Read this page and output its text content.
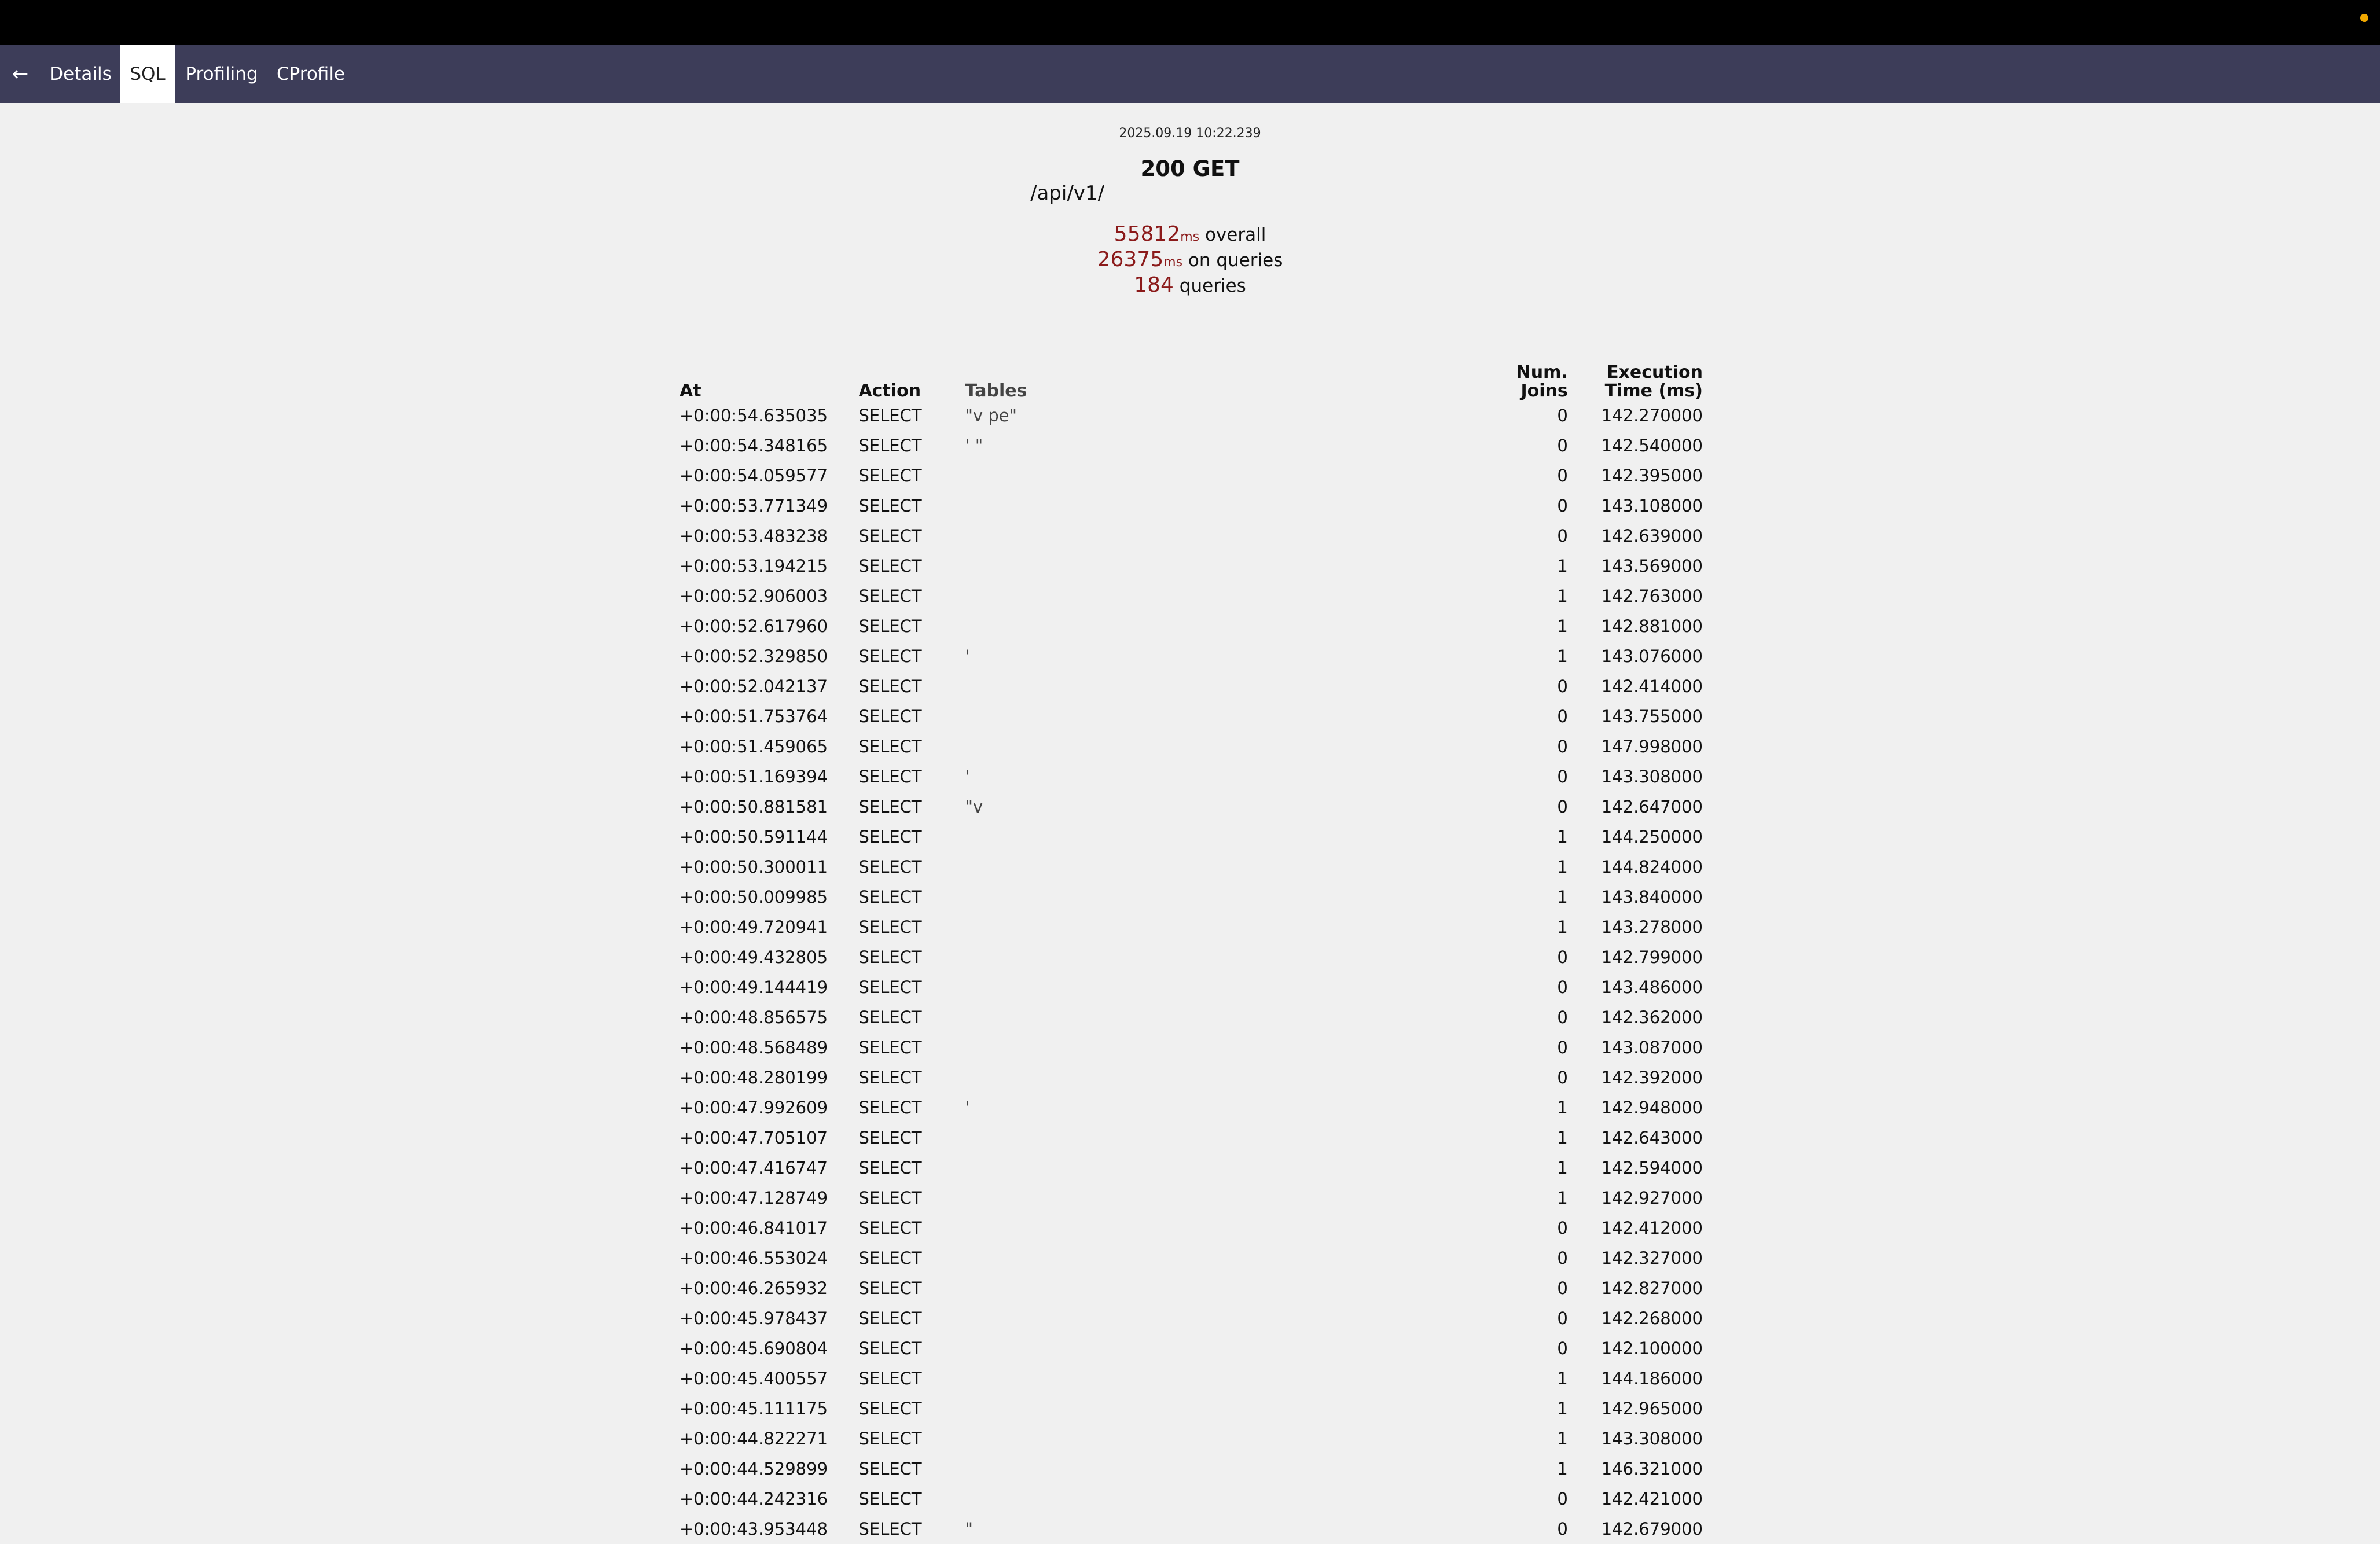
←	Details	SQL	Profiling	CProfile
2025.09.19 10:22.239
200 GET
/api/v1/
55812ms overall
26375ms on queries
184 queries
At	Action	Tables	Num.
Joins	Execution
Time (ms)
+0:00:54.635035	SELECT	"v pe"	0	142.270000
+0:00:54.348165	SELECT	' "	0	142.540000
+0:00:54.059577	SELECT		0	142.395000
+0:00:53.771349	SELECT		0	143.108000
+0:00:53.483238	SELECT		0	142.639000
+0:00:53.194215	SELECT		1	143.569000
+0:00:52.906003	SELECT		1	142.763000
+0:00:52.617960	SELECT		1	142.881000
+0:00:52.329850	SELECT	'	1	143.076000
+0:00:52.042137	SELECT		0	142.414000
+0:00:51.753764	SELECT		0	143.755000
+0:00:51.459065	SELECT		0	147.998000
+0:00:51.169394	SELECT	'	0	143.308000
+0:00:50.881581	SELECT	"v	0	142.647000
+0:00:50.591144	SELECT		1	144.250000
+0:00:50.300011	SELECT		1	144.824000
+0:00:50.009985	SELECT		1	143.840000
+0:00:49.720941	SELECT		1	143.278000
+0:00:49.432805	SELECT		0	142.799000
+0:00:49.144419	SELECT		0	143.486000
+0:00:48.856575	SELECT		0	142.362000
+0:00:48.568489	SELECT		0	143.087000
+0:00:48.280199	SELECT		0	142.392000
+0:00:47.992609	SELECT	'	1	142.948000
+0:00:47.705107	SELECT		1	142.643000
+0:00:47.416747	SELECT		1	142.594000
+0:00:47.128749	SELECT		1	142.927000
+0:00:46.841017	SELECT		0	142.412000
+0:00:46.553024	SELECT		0	142.327000
+0:00:46.265932	SELECT		0	142.827000
+0:00:45.978437	SELECT		0	142.268000
+0:00:45.690804	SELECT		0	142.100000
+0:00:45.400557	SELECT		1	144.186000
+0:00:45.111175	SELECT		1	142.965000
+0:00:44.822271	SELECT		1	143.308000
+0:00:44.529899	SELECT		1	146.321000
+0:00:44.242316	SELECT		0	142.421000
+0:00:43.953448	SELECT	"	0	142.679000
